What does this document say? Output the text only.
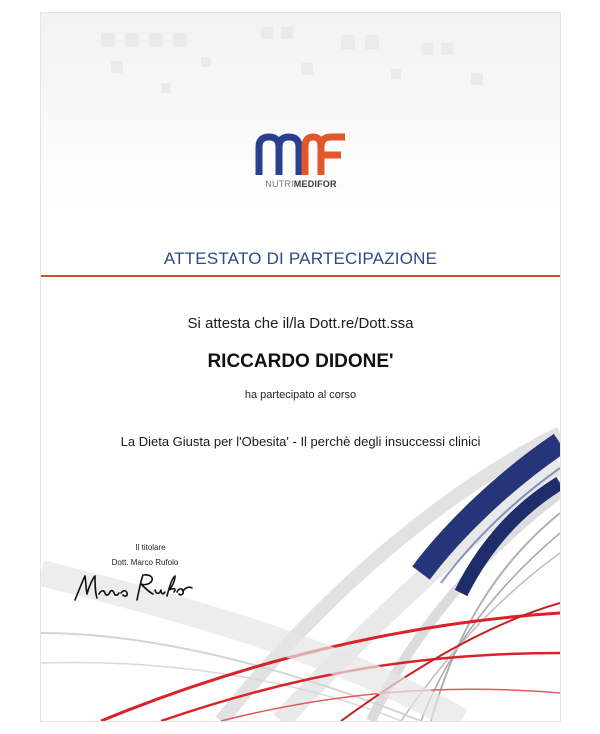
NUTRIMEDIFOR
ATTESTATO DI PARTECIPAZIONE
Si attesta che il/la Dott.re/Dott.ssa
RICCARDO DIDONE'
ha partecipato al corso
La Dieta Giusta per l'Obesita' - Il perchè degli insuccessi clinici
Il titolare
Dott. Marco Rufolo
